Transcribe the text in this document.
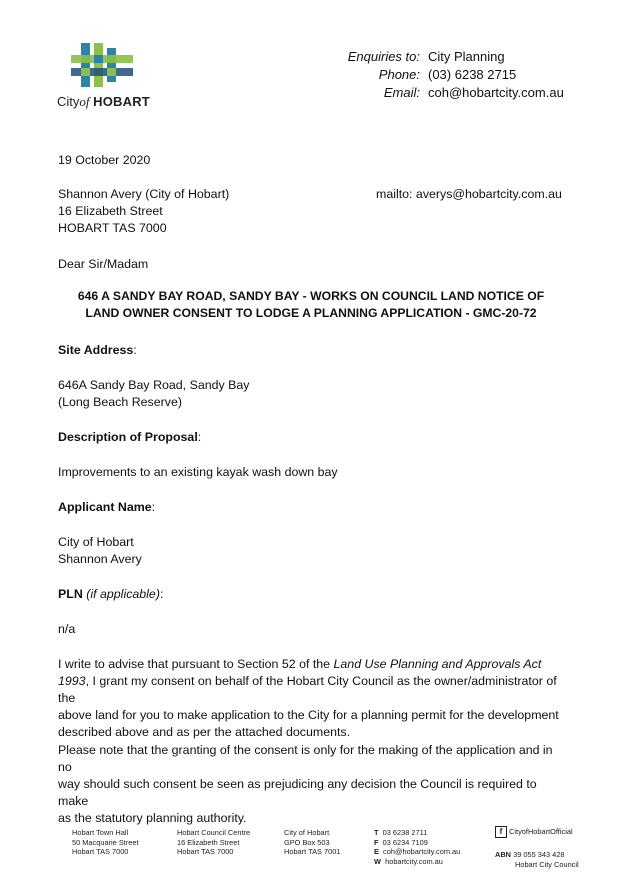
Cityof HOBART
Enquiries to: City Planning
Phone: (03) 6238 2715
Email: coh@hobartcity.com.au
19 October 2020
Shannon Avery (City of Hobart)
16 Elizabeth Street
HOBART TAS 7000
mailto: averys@hobartcity.com.au
Dear Sir/Madam
646 A SANDY BAY ROAD, SANDY BAY - WORKS ON COUNCIL LAND NOTICE OF
LAND OWNER CONSENT TO LODGE A PLANNING APPLICATION - GMC-20-72
Site Address:
646A Sandy Bay Road, Sandy Bay
(Long Beach Reserve)
Description of Proposal:
Improvements to an existing kayak wash down bay
Applicant Name:
City of Hobart
Shannon Avery
PLN (if applicable):
n/a
I write to advise that pursuant to Section 52 of the Land Use Planning and Approvals Act
1993, I grant my consent on behalf of the Hobart City Council as the owner/administrator of the
above land for you to make application to the City for a planning permit for the development
described above and as per the attached documents.
Please note that the granting of the consent is only for the making of the application and in no
way should such consent be seen as prejudicing any decision the Council is required to make
as the statutory planning authority.
Hobart Town Hall
50 Macquarie Street
Hobart TAS 7000
Hobart Council Centre
16 Elizabeth Street
Hobart TAS 7000
City of Hobart
GPO Box 503
Hobart TAS 7001
T 03 6238 2711
F 03 6234 7109
E coh@hobartcity.com.au
W hobartcity.com.au
f CityofHobartOfficial
ABN 39 055 343 428
Hobart City Council
